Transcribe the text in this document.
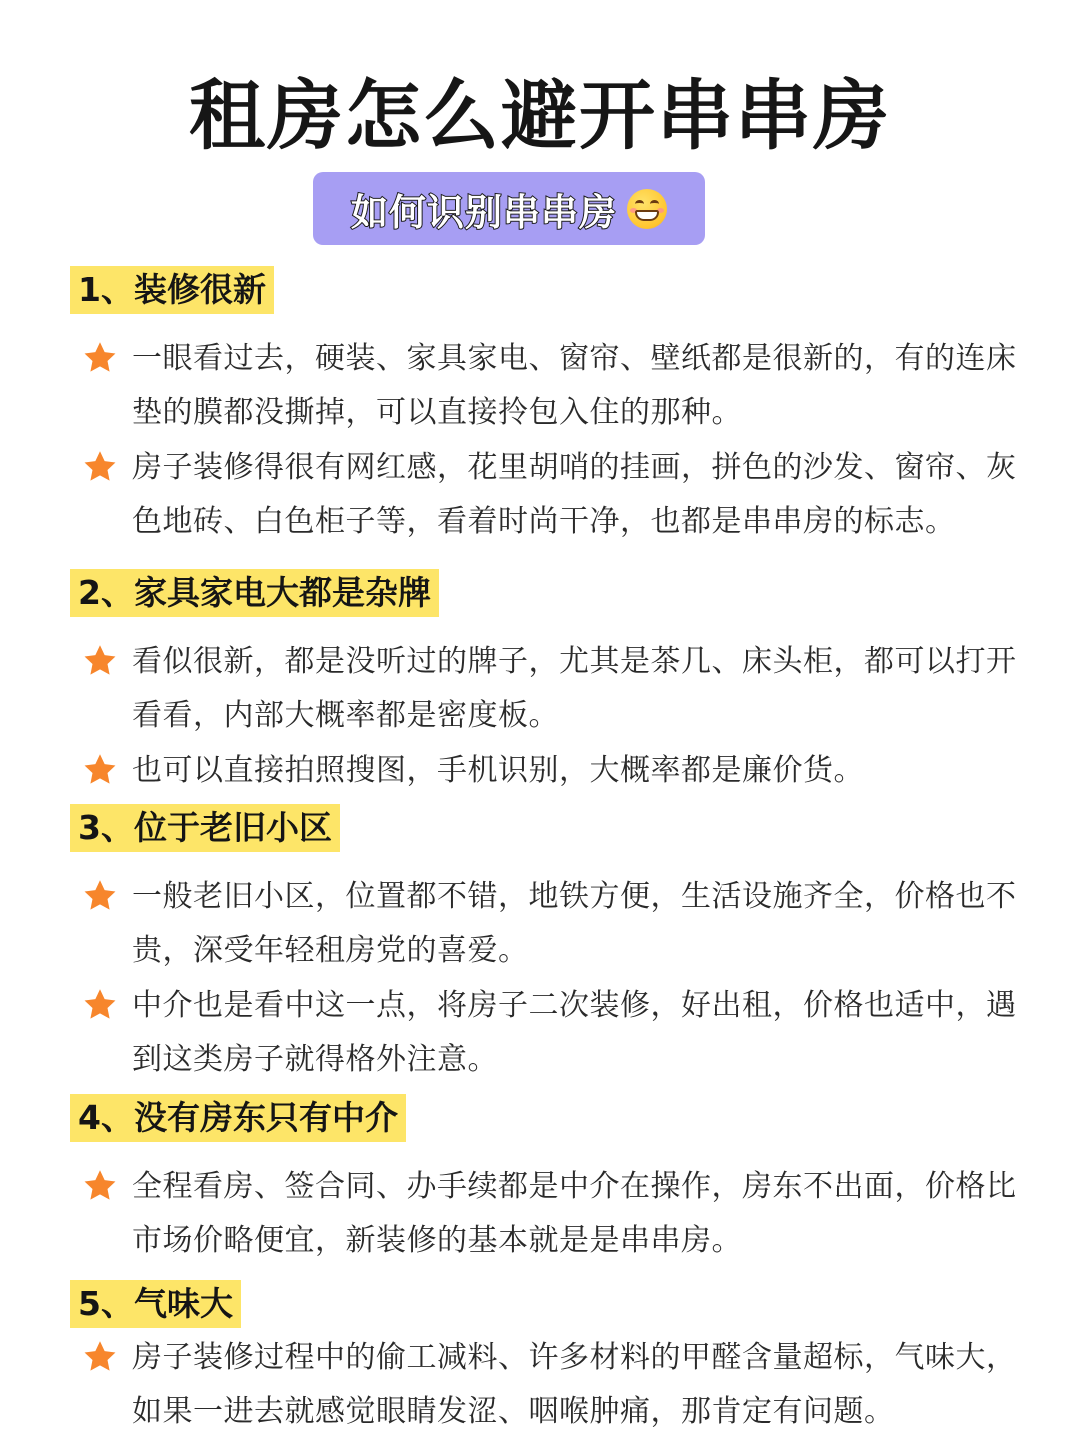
租房怎么避开串串房
如何识别串串房
1、装修很新
一眼看过去，硬装、家具家电、窗帘、壁纸都是很新的，有的连床垫的膜都没撕掉，可以直接拎包入住的那种。
房子装修得很有网红感，花里胡哨的挂画，拼色的沙发、窗帘、灰色地砖、白色柜子等，看着时尚干净，也都是串串房的标志。
2、家具家电大都是杂牌
看似很新，都是没听过的牌子，尤其是茶几、床头柜，都可以打开看看，内部大概率都是密度板。
也可以直接拍照搜图，手机识别，大概率都是廉价货。
3、位于老旧小区
一般老旧小区，位置都不错，地铁方便，生活设施齐全，价格也不贵，深受年轻租房党的喜爱。
中介也是看中这一点，将房子二次装修，好出租，价格也适中，遇到这类房子就得格外注意。
4、没有房东只有中介
全程看房、签合同、办手续都是中介在操作，房东不出面，价格比市场价略便宜，新装修的基本就是是串串房。
5、气味大
房子装修过程中的偷工减料、许多材料的甲醛含量超标，气味大，如果一进去就感觉眼睛发涩、咽喉肿痛，那肯定有问题。
